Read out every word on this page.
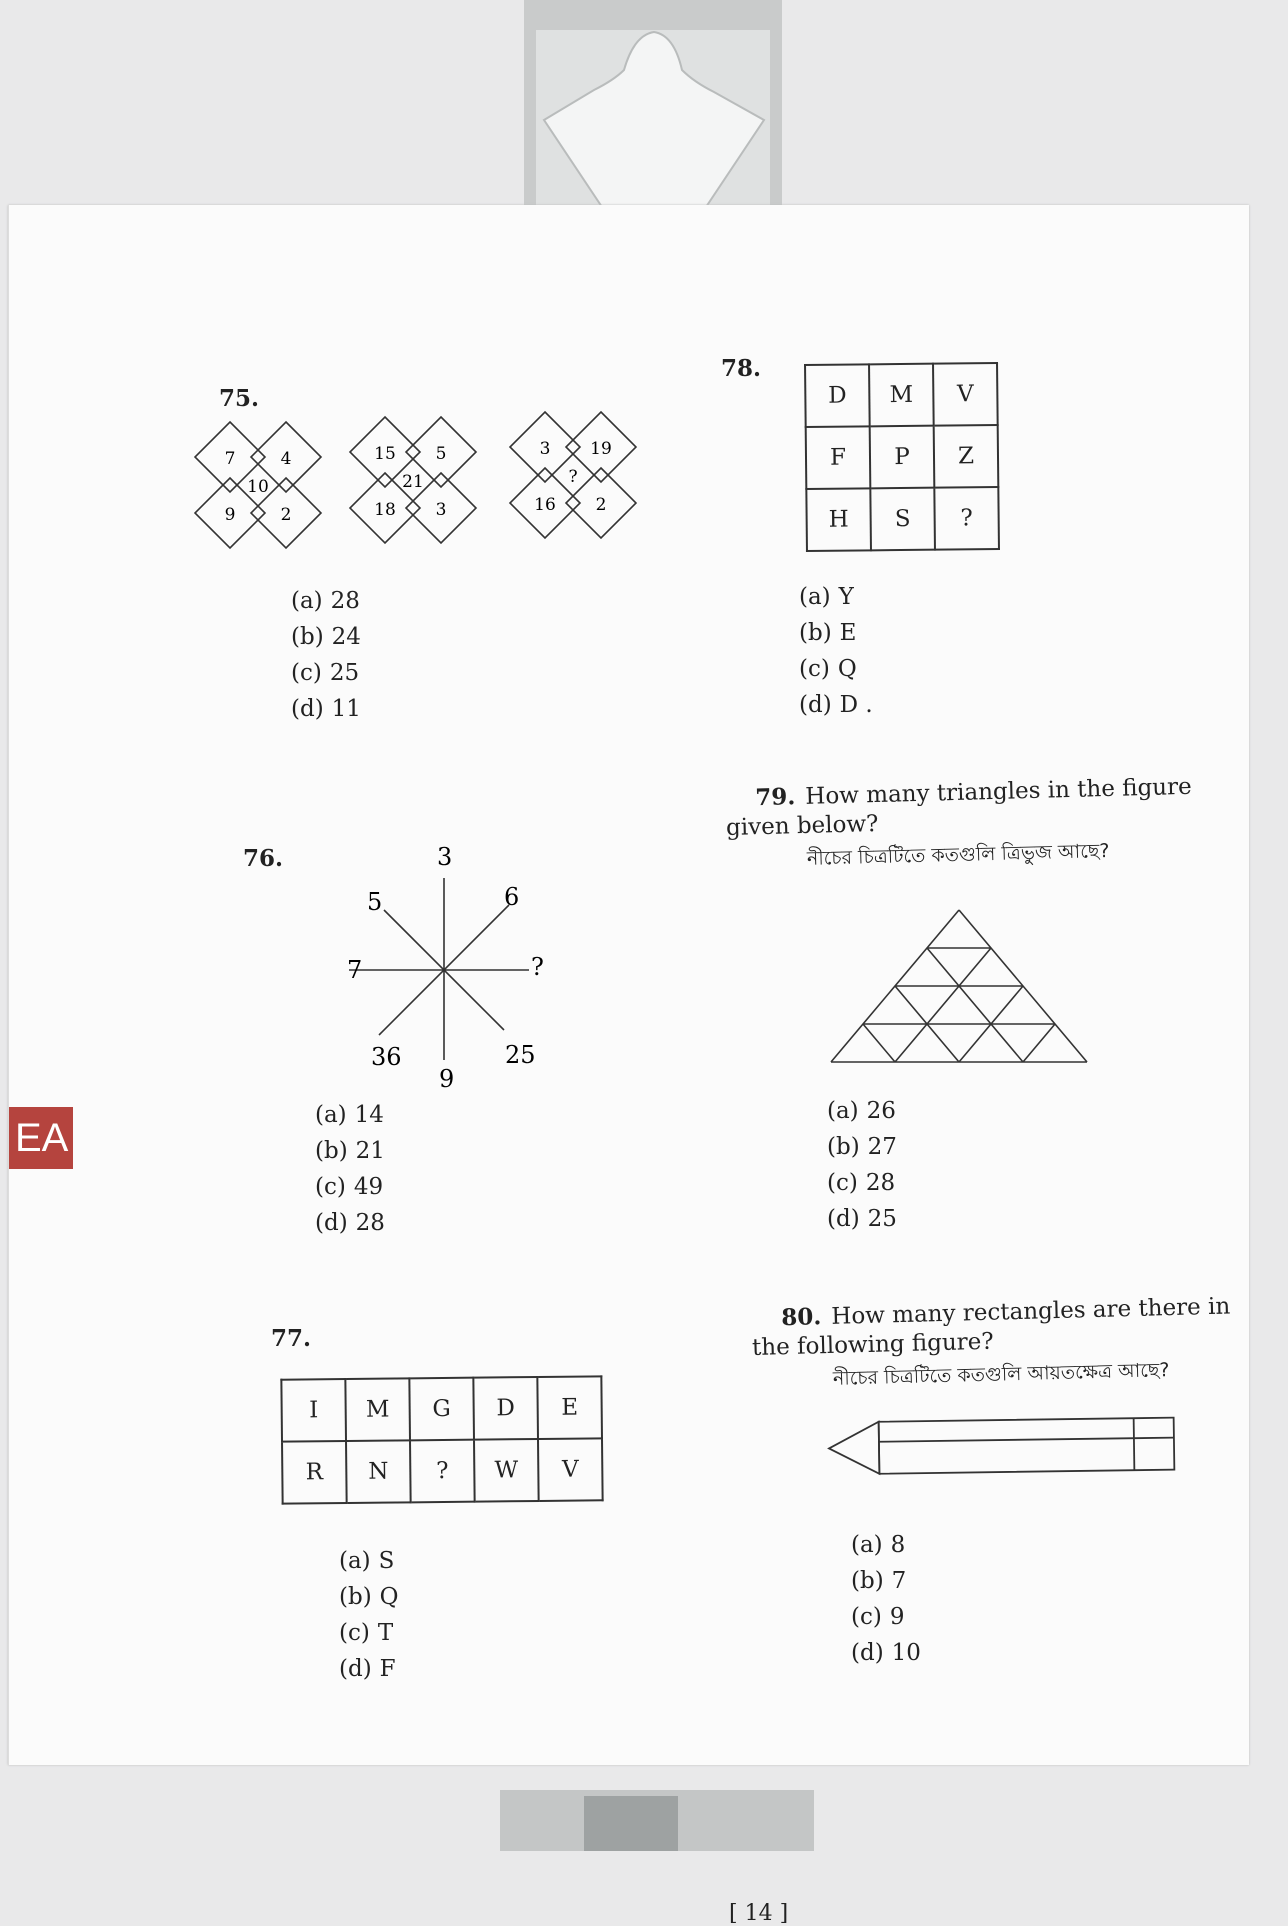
EA
75.
7	4
10
9	2
15 5
21
18 3
3 19
?
16 2
(a) 28
(b) 24
(c) 25
(d) 11
76.	3
6
?
25
9
36
7
5
(a) 14
(b) 21
(c) 49
(d) 28
77.
I	M	G	D	E
R	N	?	W	V
(a) S
(b) Q
(c) T
(d) F
78.
D	M	V
F	P	Z
H	S	?
(a) Y
(b) E
(c) Q
(d) D .
79. How many triangles in the figure given below?
নীচের চিত্রটিতে কতগুলি ত্রিভুজ আছে?
(a) 26
(b) 27
(c) 28
(d) 25
80. How many rectangles are there in the following figure?
নীচের চিত্রটিতে কতগুলি আয়তক্ষেত্র আছে?
(a) 8
(b) 7
(c) 9
(d) 10
[ 14 ]
